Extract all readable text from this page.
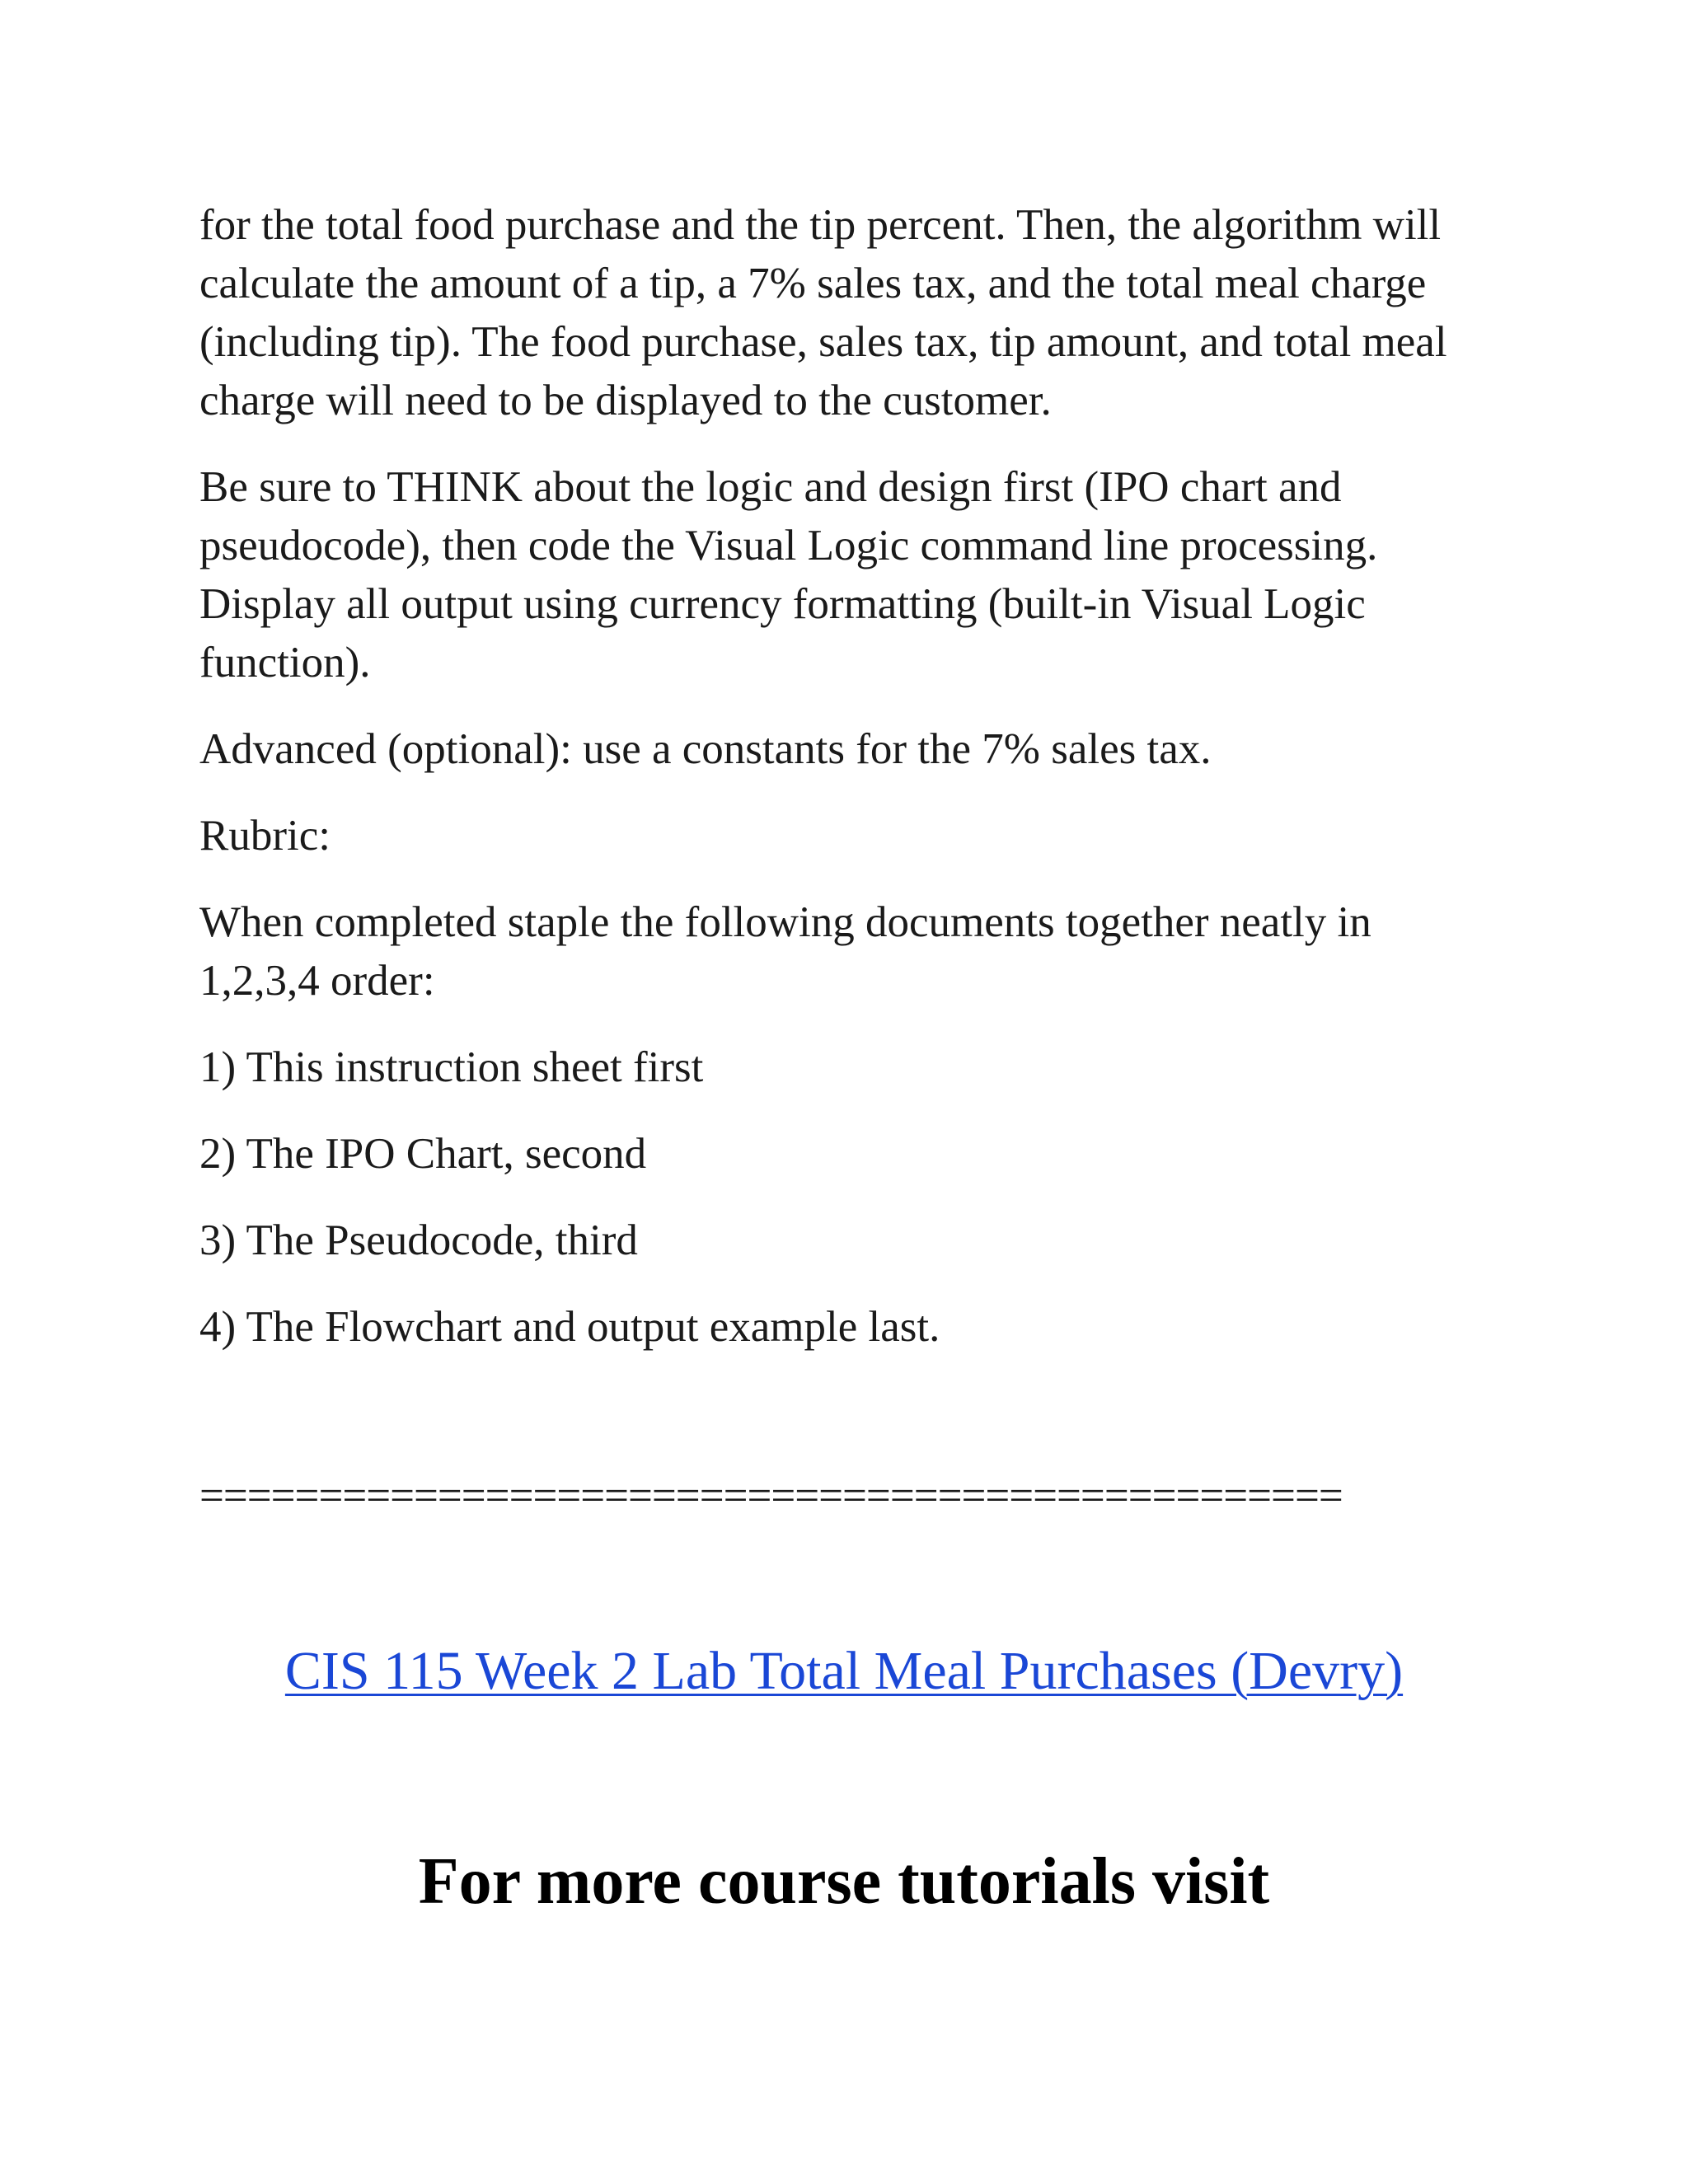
for the total food purchase and the tip percent. Then, the algorithm will calculate the amount of a tip, a 7% sales tax, and the total meal charge (including tip). The food purchase, sales tax, tip amount, and total meal charge will need to be displayed to the customer.

Be sure to THINK about the logic and design first (IPO chart and pseudocode), then code the Visual Logic command line processing. Display all output using currency formatting (built-in Visual Logic function).

Advanced (optional): use a constants for the 7% sales tax.

Rubric:

When completed staple the following documents together neatly in 1,2,3,4 order:

1) This instruction sheet first

2) The IPO Chart, second

3) The Pseudocode, third

4) The Flowchart and output example last.

================================================
CIS 115 Week 2 Lab Total Meal Purchases (Devry)
For more course tutorials visit
